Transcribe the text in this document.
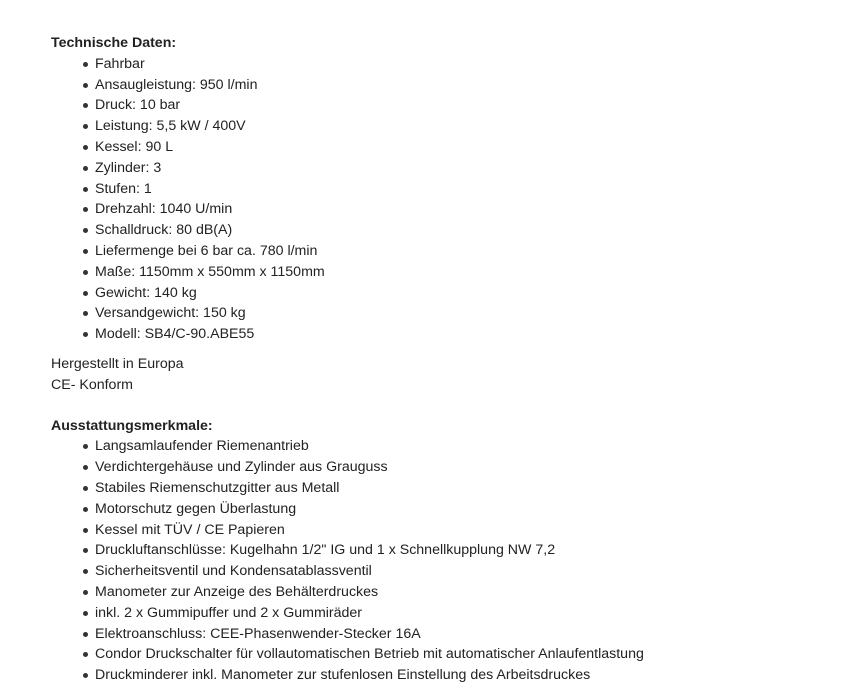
Technische Daten:

Fahrbar
Ansaugleistung: 950 l/min
Druck: 10 bar
Leistung: 5,5 kW / 400V
Kessel: 90 L
Zylinder: 3
Stufen: 1
Drehzahl: 1040 U/min
Schalldruck: 80 dB(A)
Liefermenge bei 6 bar ca. 780 l/min
Maße: 1150mm x 550mm x 1150mm
Gewicht: 140 kg
Versandgewicht: 150 kg
Modell: SB4/C-90.ABE55

Hergestellt in Europa

CE- Konform

Ausstattungsmerkmale:

Langsamlaufender Riemenantrieb
Verdichtergehäuse und Zylinder aus Grauguss
Stabiles Riemenschutzgitter aus Metall
Motorschutz gegen Überlastung
Kessel mit TÜV / CE Papieren
Druckluftanschlüsse: Kugelhahn 1/2" IG und 1 x Schnellkupplung NW 7,2
Sicherheitsventil und Kondensatablassventil
Manometer zur Anzeige des Behälterdruckes
inkl. 2 x Gummipuffer und 2 x Gummiräder
Elektroanschluss: CEE-Phasenwender-Stecker 16A
Condor Druckschalter für vollautomatischen Betrieb mit automatischer Anlaufentlastung
Druckminderer inkl. Manometer zur stufenlosen Einstellung des Arbeitsdruckes
